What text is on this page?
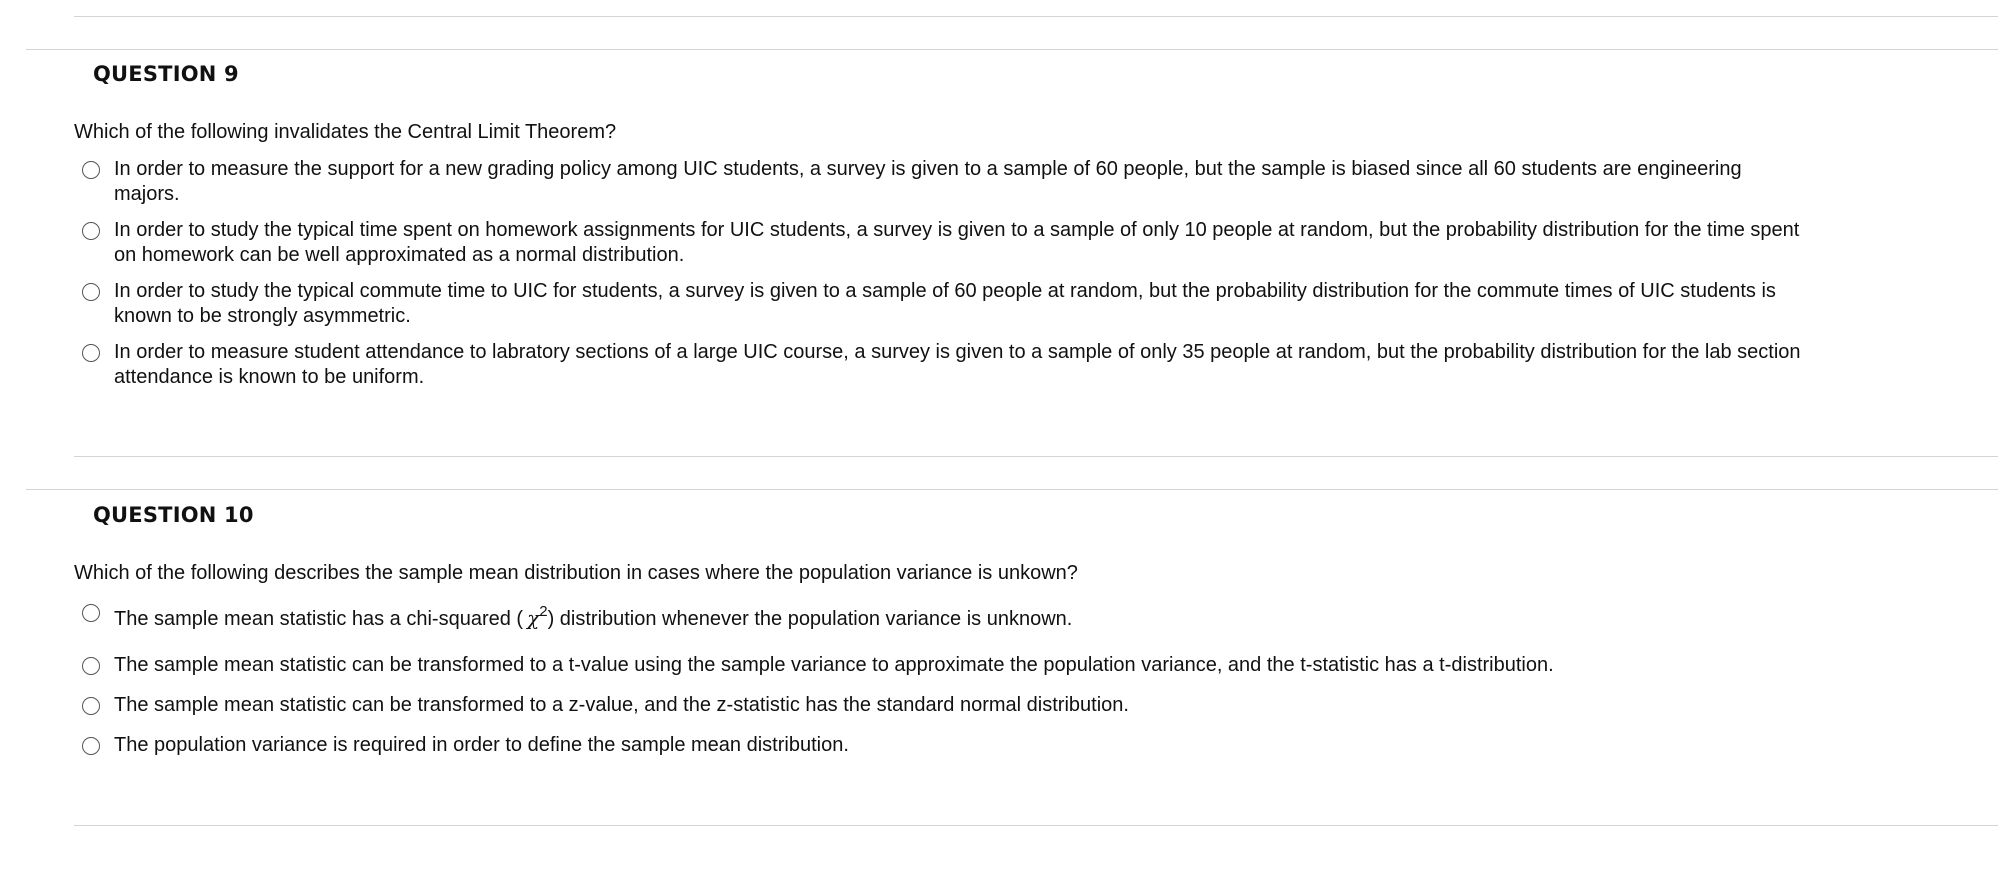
QUESTION 9
Which of the following invalidates the Central Limit Theorem?
In order to measure the support for a new grading policy among UIC students, a survey is given to a sample of 60 people, but the sample is biased since all 60 students are engineering majors.
In order to study the typical time spent on homework assignments for UIC students, a survey is given to a sample of only 10 people at random, but the probability distribution for the time spent on homework can be well approximated as a normal distribution.
In order to study the typical commute time to UIC for students, a survey is given to a sample of 60 people at random, but the probability distribution for the commute times of UIC students is known to be strongly asymmetric.
In order to measure student attendance to labratory sections of a large UIC course, a survey is given to a sample of only 35 people at random, but the probability distribution for the lab section attendance is known to be uniform.
QUESTION 10
Which of the following describes the sample mean distribution in cases where the population variance is unkown?
The sample mean statistic has a chi-squared (  $\chi^2$) distribution whenever the population variance is unknown.
The sample mean statistic can be transformed to a t-value using the sample variance to approximate the population variance, and the t-statistic has a t-distribution.
The sample mean statistic can be transformed to a z-value, and the z-statistic has the standard normal distribution.
The population variance is required in order to define the sample mean distribution.
